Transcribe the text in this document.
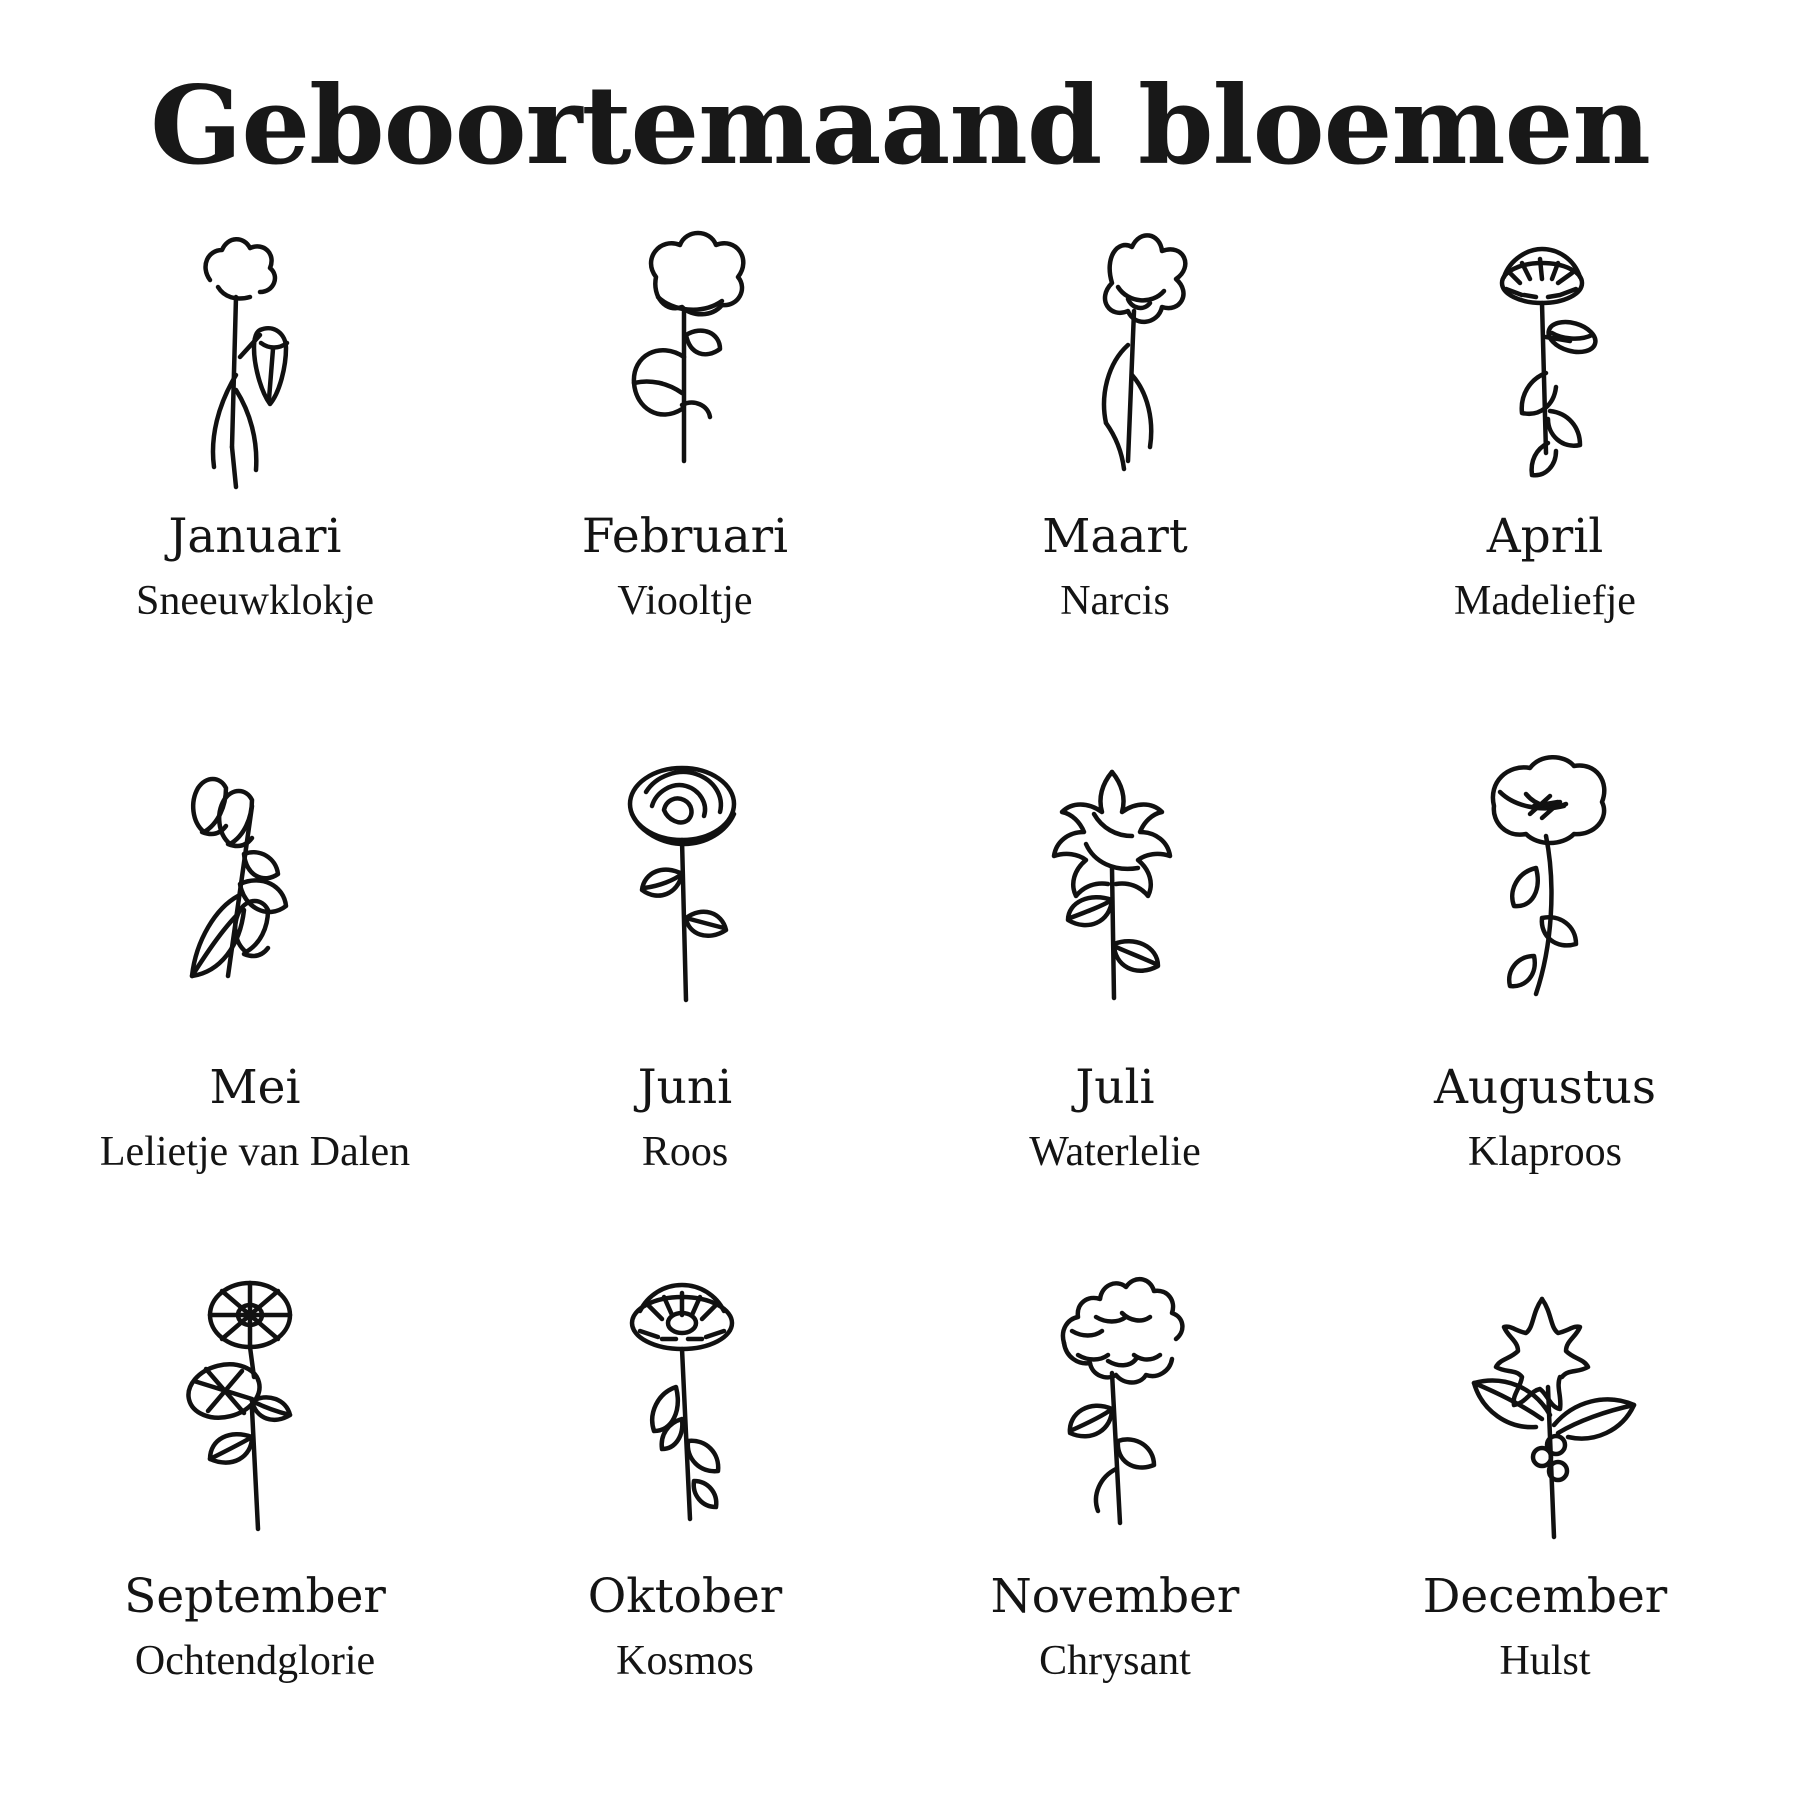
Geboortemaand bloemen
Januari
Sneeuwklokje
Februari
Viooltje
Maart
Narcis
April
Madeliefje
Mei
Lelietje van Dalen
Juni
Roos
Juli
Waterlelie
Augustus
Klaproos
September
Ochtendglorie
Oktober
Kosmos
November
Chrysant
December
Hulst
